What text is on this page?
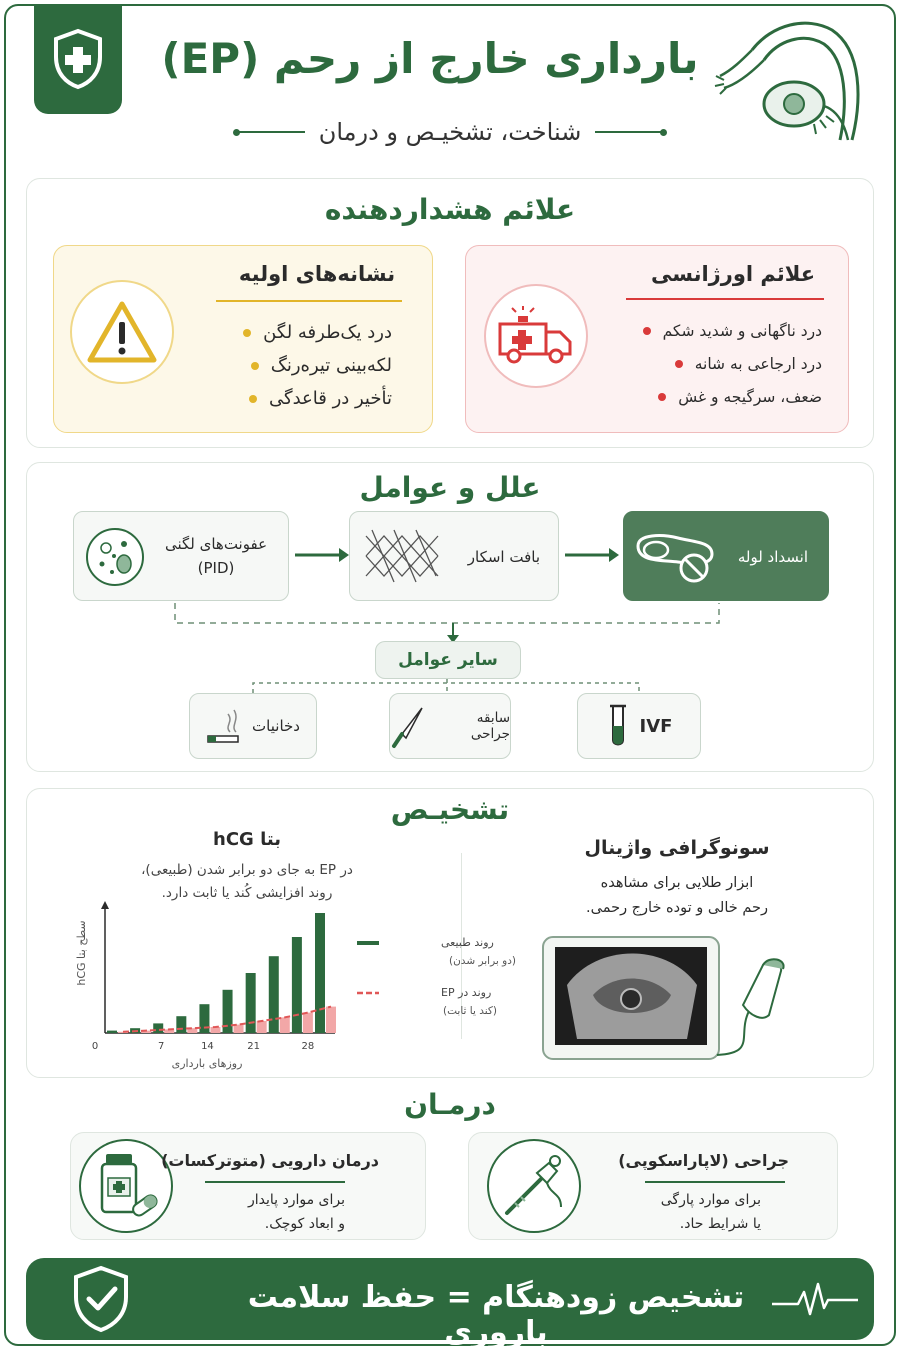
بارداری خارج از رحم (EP)
شناخت، تشخیـص و درمان
علائم هشداردهنده
علائم اورژانسی
درد ناگهانی و شدید شکم
درد ارجاعی به شانه
ضعف، سرگیجه و غش
نشانه‌های اولیه
درد یک‌طرفه لگن
لکه‌بینی تیره‌رنگ
تأخیر در قاعدگی
علل و عوامل
عفونت‌های لگنی
(PID)
بافت اسکار	انسداد لوله
سایر عوامل
دخانیات	سابقه جراحی	IVF
تشخیـص
بتا hCG
در EP به جای دو برابر شدن (طبیعی)،
روند افزایشی کُند یا ثابت دارد.
سطح بتا hCG
0	7	14	21	28
روزهای بارداری
روند طبیعی
(دو برابر شدن)
روند در EP
(کند یا ثابت)
سونوگرافی واژینال
ابزار طلایی برای مشاهده
رحم خالی و توده خارج رحمی.
درمـان
درمان دارویی (متوترکسات)
برای موارد پایدار
و ابعاد کوچک.
جراحی (لاپاراسکوپی)
برای موارد پارگی
یا شرایط حاد.
تشخیص زودهنگام = حفظ سلامت باروری
